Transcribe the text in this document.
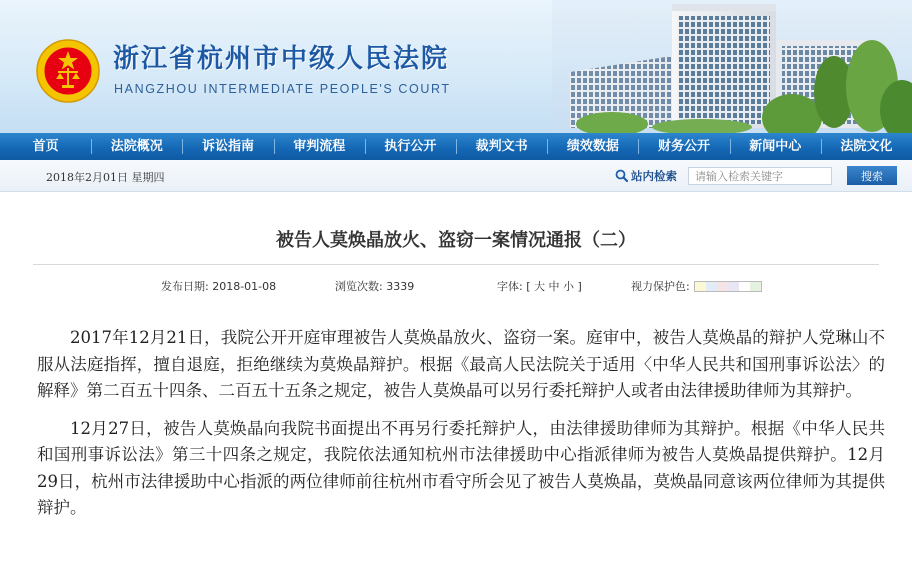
浙江省杭州市中级人民法院
HANGZHOU INTERMEDIATE PEOPLE'S COURT
首页	法院概况	诉讼指南	审判流程	执行公开	裁判文书	绩效数据	财务公开	新闻中心	法院文化
2018年2月01日 星期四	站内检索
请输入检索关键字	搜索
被告人莫焕晶放火、盗窃一案情况通报（二）
发布日期: 2018-01-08	浏览次数: 3339	字体: [ 大 中 小 ]	视力保护色:

2017年12月21日，我院公开开庭审理被告人莫焕晶放火、盗窃一案。庭审中，被告人莫焕晶的辩护人党琳山不服从法庭指挥，擅自退庭，拒绝继续为莫焕晶辩护。根据《最高人民法院关于适用〈中华人民共和国刑事诉讼法〉的解释》第二百五十四条、二百五十五条之规定，被告人莫焕晶可以另行委托辩护人或者由法律援助律师为其辩护。

12月27日，被告人莫焕晶向我院书面提出不再另行委托辩护人，由法律援助律师为其辩护。根据《中华人民共和国刑事诉讼法》第三十四条之规定，我院依法通知杭州市法律援助中心指派律师为被告人莫焕晶提供辩护。12月29日，杭州市法律援助中心指派的两位律师前往杭州市看守所会见了被告人莫焕晶，莫焕晶同意该两位律师为其提供辩护。
